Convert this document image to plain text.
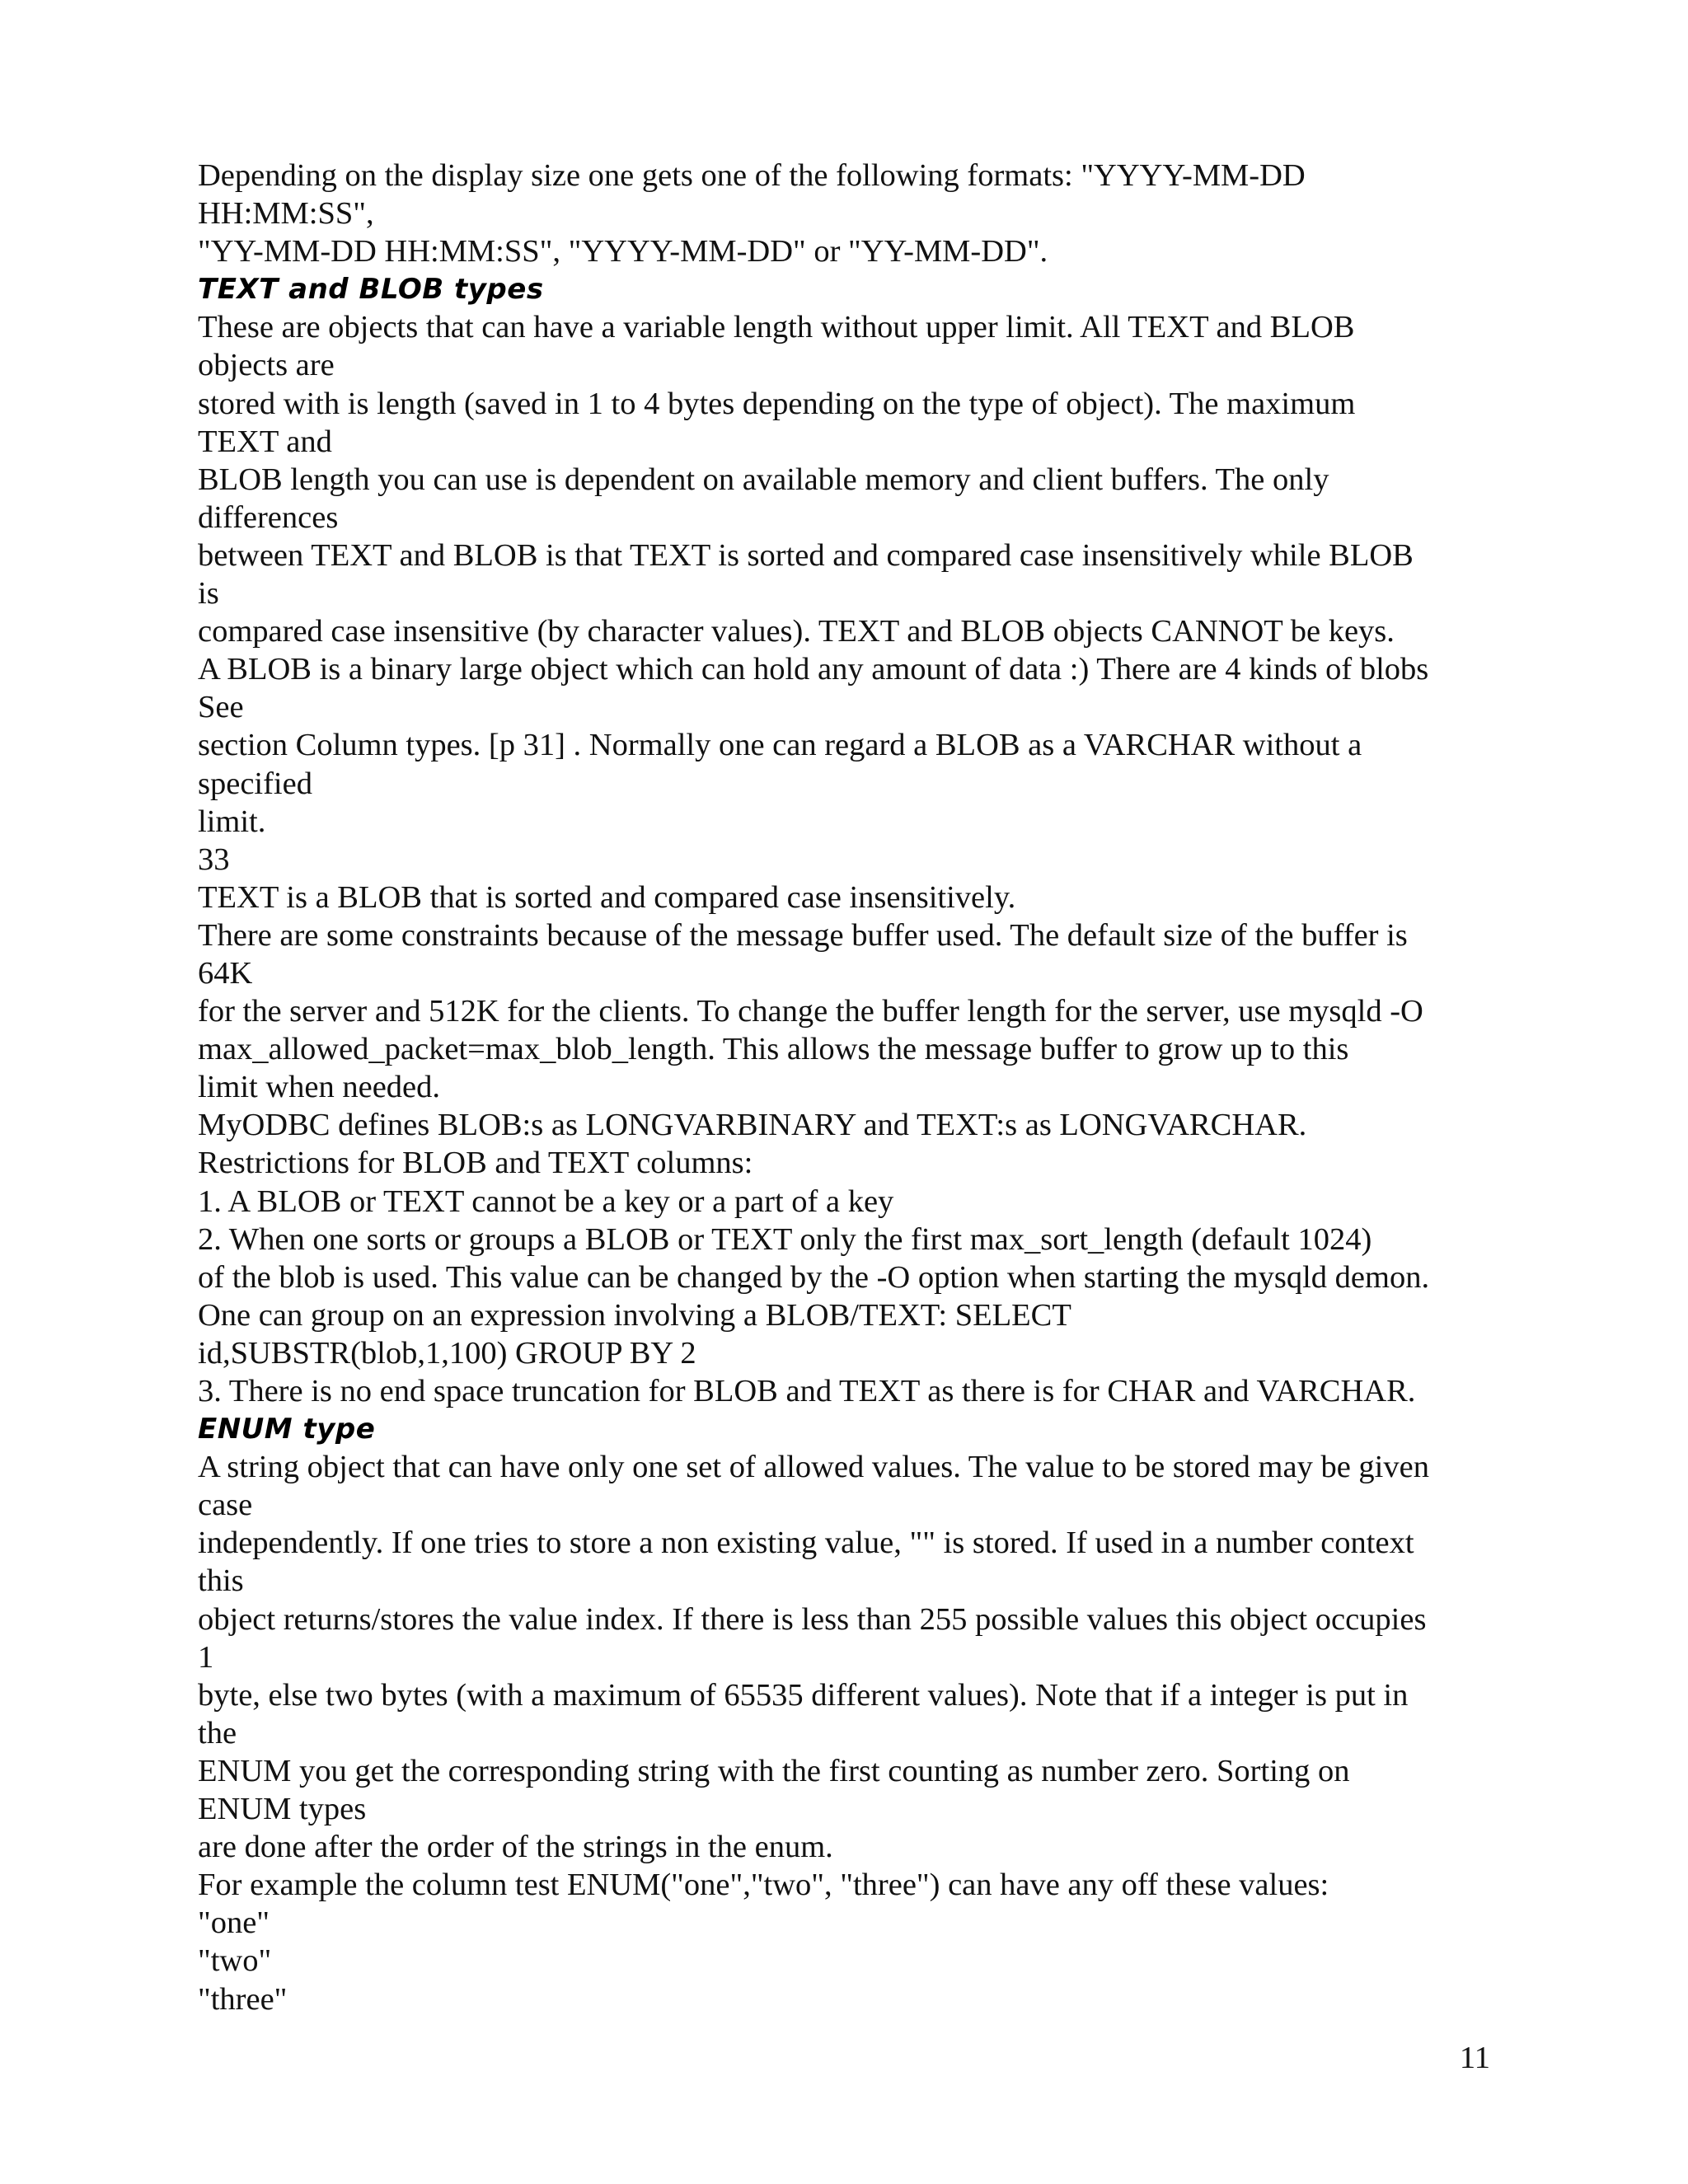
Depending on the display size one gets one of the following formats: "YYYY-MM-DD
HH:MM:SS",
"YY-MM-DD HH:MM:SS", "YYYY-MM-DD" or "YY-MM-DD".
TEXT and BLOB types
These are objects that can have a variable length without upper limit. All TEXT and BLOB
objects are
stored with is length (saved in 1 to 4 bytes depending on the type of object). The maximum
TEXT and
BLOB length you can use is dependent on available memory and client buffers. The only
differences
between TEXT and BLOB is that TEXT is sorted and compared case insensitively while BLOB
is
compared case insensitive (by character values). TEXT and BLOB objects CANNOT be keys.
A BLOB is a binary large object which can hold any amount of data :) There are 4 kinds of blobs
See
section Column types. [p 31] . Normally one can regard a BLOB as a VARCHAR without a
specified
limit.
33
TEXT is a BLOB that is sorted and compared case insensitively.
There are some constraints because of the message buffer used. The default size of the buffer is
64K
for the server and 512K for the clients. To change the buffer length for the server, use mysqld -O
max_allowed_packet=max_blob_length. This allows the message buffer to grow up to this
limit when needed.
MyODBC defines BLOB:s as LONGVARBINARY and TEXT:s as LONGVARCHAR.
Restrictions for BLOB and TEXT columns:
1. A BLOB or TEXT cannot be a key or a part of a key
2. When one sorts or groups a BLOB or TEXT only the first max_sort_length (default 1024)
of the blob is used. This value can be changed by the -O option when starting the mysqld demon.
One can group on an expression involving a BLOB/TEXT: SELECT
id,SUBSTR(blob,1,100) GROUP BY 2
3. There is no end space truncation for BLOB and TEXT as there is for CHAR and VARCHAR.
ENUM type
A string object that can have only one set of allowed values. The value to be stored may be given
case
independently. If one tries to store a non existing value, "" is stored. If used in a number context
this
object returns/stores the value index. If there is less than 255 possible values this object occupies
1
byte, else two bytes (with a maximum of 65535 different values). Note that if a integer is put in
the
ENUM you get the corresponding string with the first counting as number zero. Sorting on
ENUM types
are done after the order of the strings in the enum.
For example the column test ENUM("one","two", "three") can have any off these values:
"one"
"two"
"three"
11
